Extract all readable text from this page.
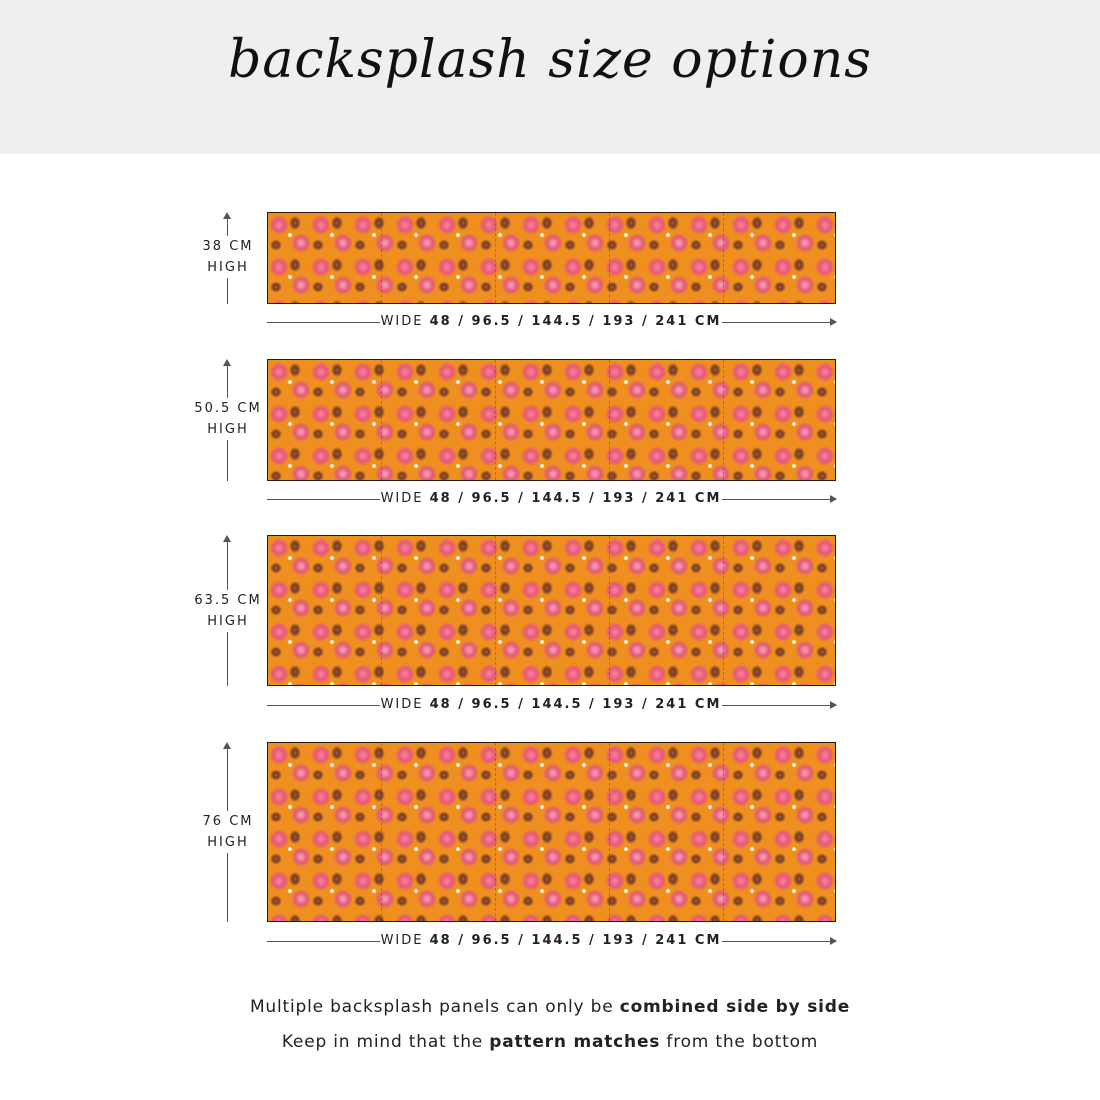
backsplash size options
38 CM
HIGH
WIDE 48 / 96.5 / 144.5 / 193 / 241 CM
50.5 CM
HIGH
WIDE 48 / 96.5 / 144.5 / 193 / 241 CM
63.5 CM
HIGH
WIDE 48 / 96.5 / 144.5 / 193 / 241 CM
76 CM
HIGH
WIDE 48 / 96.5 / 144.5 / 193 / 241 CM
Multiple backsplash panels can only be combined side by side
Keep in mind that the pattern matches from the bottom
